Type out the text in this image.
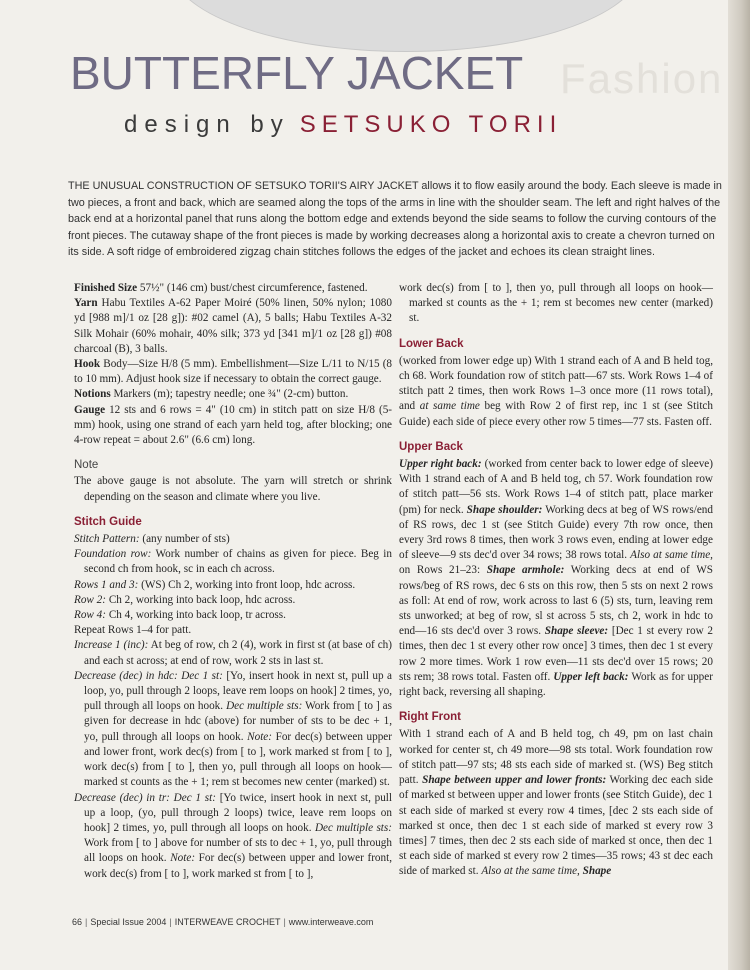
Fashion
BUTTERFLY JACKET
design by SETSUKO TORII
THE UNUSUAL CONSTRUCTION OF SETSUKO TORII'S AIRY JACKET allows it to flow easily around the body. Each sleeve is made in two pieces, a front and back, which are seamed along the tops of the arms in line with the shoulder seam. The left and right halves of the back end at a horizontal panel that runs along the bottom edge and extends beyond the side seams to follow the curving contours of the front pieces. The cutaway shape of the front pieces is made by working decreases along a horizontal axis to create a chevron turned on its side. A soft ridge of embroidered zigzag chain stitches follows the edges of the jacket and echoes its clean straight lines.

Finished Size 57½" (146 cm) bust/chest circumference, fastened.

Yarn Habu Textiles A-62 Paper Moiré (50% linen, 50% nylon; 1080 yd [988 m]/1 oz [28 g]): #02 camel (A), 5 balls; Habu Textiles A-32 Silk Mohair (60% mohair, 40% silk; 373 yd [341 m]/1 oz [28 g]) #08 charcoal (B), 3 balls.

Hook Body—Size H/8 (5 mm). Embellishment—Size L/11 to N/15 (8 to 10 mm). Adjust hook size if necessary to obtain the correct gauge.

Notions Markers (m); tapestry needle; one ¾" (2-cm) button.

Gauge 12 sts and 6 rows = 4" (10 cm) in stitch patt on size H/8 (5-mm) hook, using one strand of each yarn held tog, after blocking; one 4-row repeat = about 2.6" (6.6 cm) long.

Note

The above gauge is not absolute. The yarn will stretch or shrink depending on the season and climate where you live.

Stitch Guide

Stitch Pattern: (any number of sts)

Foundation row: Work number of chains as given for piece. Beg in second ch from hook, sc in each ch across.

Rows 1 and 3: (WS) Ch 2, working into front loop, hdc across.

Row 2: Ch 2, working into back loop, hdc across.

Row 4: Ch 4, working into back loop, tr across.

Repeat Rows 1–4 for patt.

Increase 1 (inc): At beg of row, ch 2 (4), work in first st (at base of ch) and each st across; at end of row, work 2 sts in last st.

Decrease (dec) in hdc: Dec 1 st: [Yo, insert hook in next st, pull up a loop, yo, pull through 2 loops, leave rem loops on hook] 2 times, yo, pull through all loops on hook. Dec multiple sts: Work from [ to ] as given for decrease in hdc (above) for number of sts to be dec + 1, yo, pull through all loops on hook. Note: For dec(s) between upper and lower front, work dec(s) from [ to ], work marked st from [ to ], work dec(s) from [ to ], then yo, pull through all loops on hook—marked st counts as the + 1; rem st becomes new center (marked) st.

Decrease (dec) in tr: Dec 1 st: [Yo twice, insert hook in next st, pull up a loop, (yo, pull through 2 loops) twice, leave rem loops on hook] 2 times, yo, pull through all loops on hook. Dec multiple sts: Work from [ to ] above for number of sts to dec + 1, yo, pull through all loops on hook. Note: For dec(s) between upper and lower front, work dec(s) from [ to ], work marked st from [ to ],

work dec(s) from [ to ], then yo, pull through all loops on hook—marked st counts as the + 1; rem st becomes new center (marked) st.

Lower Back

(worked from lower edge up) With 1 strand each of A and B held tog, ch 68. Work foundation row of stitch patt—67 sts. Work Rows 1–4 of stitch patt 2 times, then work Rows 1–3 once more (11 rows total), and at same time beg with Row 2 of first rep, inc 1 st (see Stitch Guide) each side of piece every other row 5 times—77 sts. Fasten off.

Upper Back

Upper right back: (worked from center back to lower edge of sleeve) With 1 strand each of A and B held tog, ch 57. Work foundation row of stitch patt—56 sts. Work Rows 1–4 of stitch patt, place marker (pm) for neck. Shape shoulder: Working decs at beg of WS rows/end of RS rows, dec 1 st (see Stitch Guide) every 7th row once, then every 3rd rows 8 times, then work 3 rows even, ending at lower edge of sleeve—9 sts dec'd over 34 rows; 38 rows total. Also at same time, on Rows 21–23: Shape armhole: Working decs at end of WS rows/beg of RS rows, dec 6 sts on this row, then 5 sts on next 2 rows as foll: At end of row, work across to last 6 (5) sts, turn, leaving rem sts unworked; at beg of row, sl st across 5 sts, ch 2, work in hdc to end—16 sts dec'd over 3 rows. Shape sleeve: [Dec 1 st every row 2 times, then dec 1 st every other row once] 3 times, then dec 1 st every row 2 more times. Work 1 row even—11 sts dec'd over 15 rows; 20 sts rem; 38 rows total. Fasten off. Upper left back: Work as for upper right back, reversing all shaping.

Right Front

With 1 strand each of A and B held tog, ch 49, pm on last chain worked for center st, ch 49 more—98 sts total. Work foundation row of stitch patt—97 sts; 48 sts each side of marked st. (WS) Beg stitch patt. Shape between upper and lower fronts: Working dec each side of marked st between upper and lower fronts (see Stitch Guide), dec 1 st each side of marked st every row 4 times, [dec 2 sts each side of marked st once, then dec 1 st each side of marked st every row 3 times] 7 times, then dec 2 sts each side of marked st once, then dec 1 st each side of marked st every row 2 times—35 rows; 43 st dec each side of marked st. Also at the same time, Shape

66 | Special Issue 2004 | INTERWEAVE CROCHET | www.interweave.com
